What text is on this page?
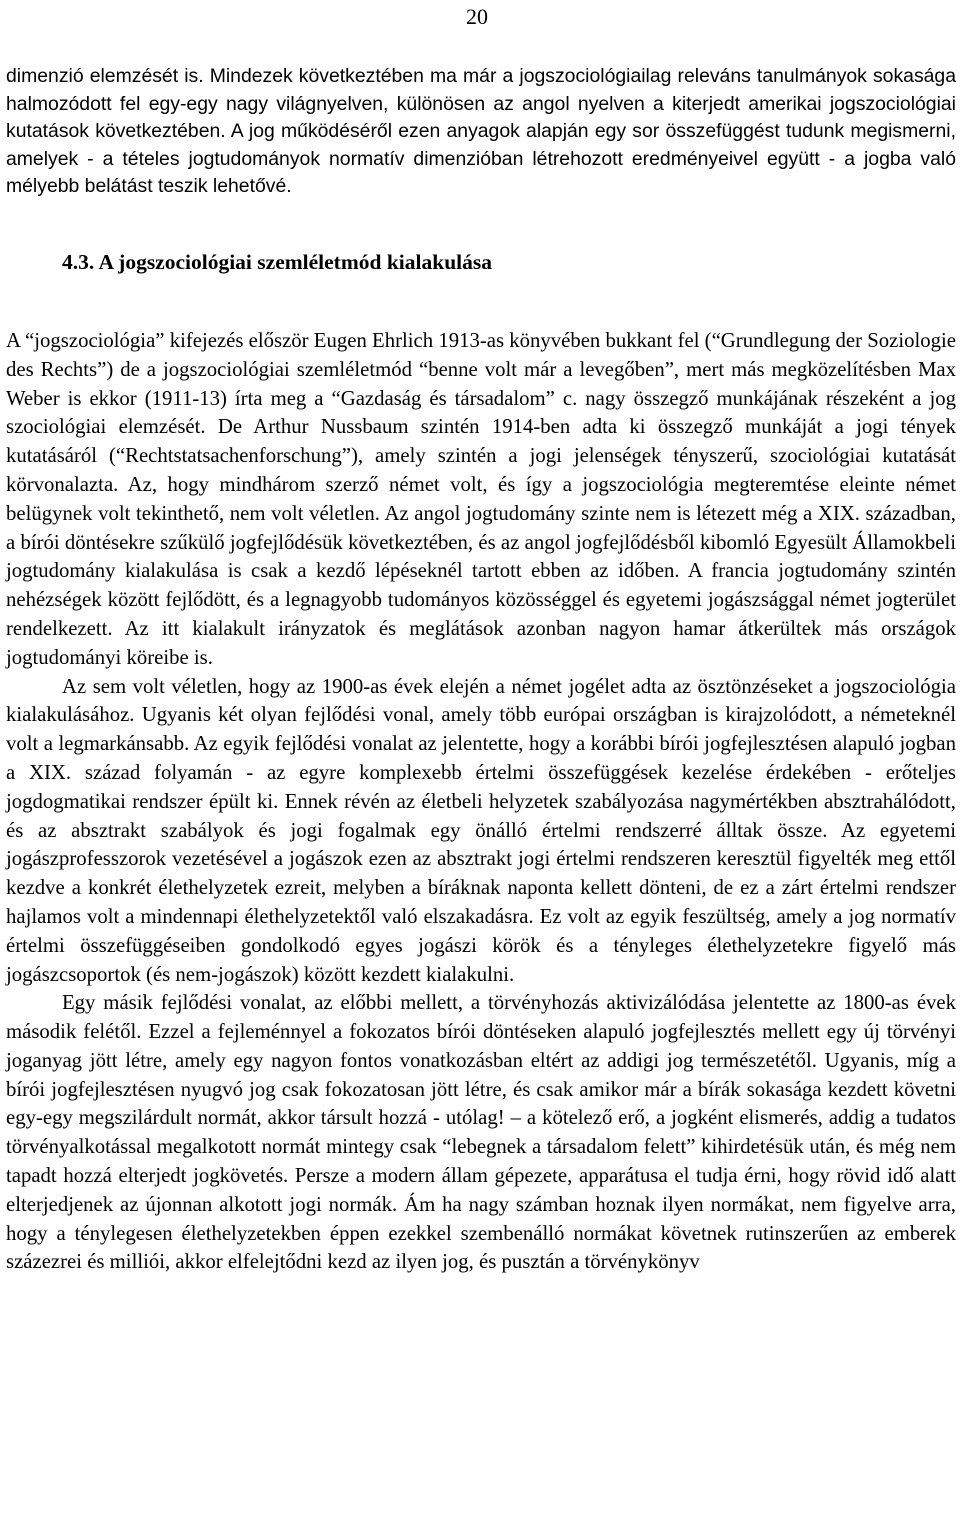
20

dimenzió elemzését is. Mindezek következtében ma már a jogszociológiailag releváns tanulmányok sokasága halmozódott fel egy-egy nagy világnyelven, különösen az angol nyelven a kiterjedt amerikai jogszociológiai kutatások következtében. A jog működéséről ezen anyagok alapján egy sor összefüggést tudunk megismerni, amelyek - a tételes jogtudományok normatív dimenzióban létrehozott eredményeivel együtt - a jogba való mélyebb belátást teszik lehetővé.

4.3. A jogszociológiai szemléletmód kialakulása

A “jogszociológia” kifejezés először Eugen Ehrlich 1913-as könyvében bukkant fel (“Grundlegung der Soziologie des Rechts”) de a jogszociológiai szemléletmód “benne volt már a levegőben”, mert más megközelítésben Max Weber is ekkor (1911-13) írta meg a “Gazdaság és társadalom” c. nagy összegző munkájának részeként a jog szociológiai elemzését. De Arthur Nussbaum szintén 1914-ben adta ki összegző munkáját a jogi tények kutatásáról (“Rechtstatsachenforschung”), amely szintén a jogi jelenségek tényszerű, szociológiai kutatását körvonalazta. Az, hogy mindhárom szerző német volt, és így a jogszociológia megteremtése eleinte német belügynek volt tekinthető, nem volt véletlen. Az angol jogtudomány szinte nem is létezett még a XIX. században, a bírói döntésekre szűkülő jogfejlődésük következtében, és az angol jogfejlődésből kibomló Egyesült Államokbeli jogtudomány kialakulása is csak a kezdő lépéseknél tartott ebben az időben. A francia jogtudomány szintén nehézségek között fejlődött, és a legnagyobb tudományos közösséggel és egyetemi jogászsággal német jogterület rendelkezett. Az itt kialakult irányzatok és meglátások azonban nagyon hamar átkerültek más országok jogtudományi köreibe is.

Az sem volt véletlen, hogy az 1900-as évek elején a német jogélet adta az ösztönzéseket a jogszociológia kialakulásához. Ugyanis két olyan fejlődési vonal, amely több európai országban is kirajzolódott, a németeknél volt a legmarkánsabb. Az egyik fejlődési vonalat az jelentette, hogy a korábbi bírói jogfejlesztésen alapuló jogban a XIX. század folyamán - az egyre komplexebb értelmi összefüggések kezelése érdekében - erőteljes jogdogmatikai rendszer épült ki. Ennek révén az életbeli helyzetek szabályozása nagymértékben absztrahálódott, és az absztrakt szabályok és jogi fogalmak egy önálló értelmi rendszerré álltak össze. Az egyetemi jogászprofesszorok vezetésével a jogászok ezen az absztrakt jogi értelmi rendszeren keresztül figyelték meg ettől kezdve a konkrét élethelyzetek ezreit, melyben a bíráknak naponta kellett dönteni, de ez a zárt értelmi rendszer hajlamos volt a mindennapi élethelyzetektől való elszakadásra. Ez volt az egyik feszültség, amely a jog normatív értelmi összefüggéseiben gondolkodó egyes jogászi körök és a tényleges élethelyzetekre figyelő más jogászcsoportok (és nem-jogászok) között kezdett kialakulni.

Egy másik fejlődési vonalat, az előbbi mellett, a törvényhozás aktivizálódása jelentette az 1800-as évek második felétől. Ezzel a fejleménnyel a fokozatos bírói döntéseken alapuló jogfejlesztés mellett egy új törvényi joganyag jött létre, amely egy nagyon fontos vonatkozásban eltért az addigi jog természetétől. Ugyanis, míg a bírói jogfejlesztésen nyugvó jog csak fokozatosan jött létre, és csak amikor már a bírák sokasága kezdett követni egy-egy megszilárdult normát, akkor társult hozzá - utólag! – a kötelező erő, a jogként elismerés, addig a tudatos törvényalkotással megalkotott normát mintegy csak “lebegnek a társadalom felett” kihirdetésük után, és még nem tapadt hozzá elterjedt jogkövetés. Persze a modern állam gépezete, apparátusa el tudja érni, hogy rövid idő alatt elterjedjenek az újonnan alkotott jogi normák. Ám ha nagy számban hoznak ilyen normákat, nem figyelve arra, hogy a ténylegesen élethelyzetekben éppen ezekkel szembenálló normákat követnek rutinszerűen az emberek százezrei és milliói, akkor elfelejtődni kezd az ilyen jog, és pusztán a törvénykönyv
